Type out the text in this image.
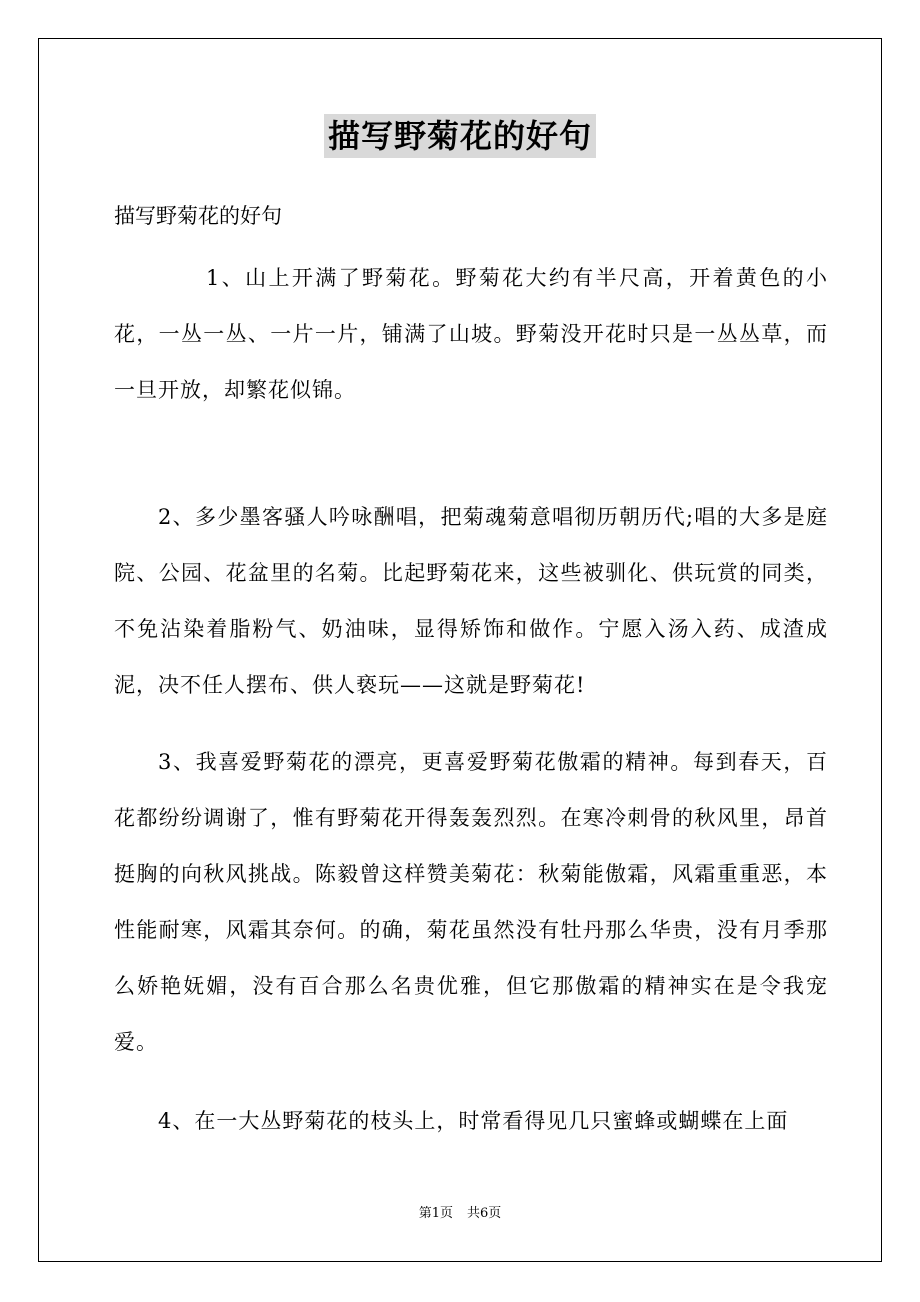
描写野菊花的好句

描写野菊花的好句

1、山上开满了野菊花。野菊花大约有半尺高，开着黄色的小花，一丛一丛、一片一片，铺满了山坡。野菊没开花时只是一丛丛草，而一旦开放，却繁花似锦。

2、多少墨客骚人吟咏酬唱，把菊魂菊意唱彻历朝历代;唱的大多是庭院、公园、花盆里的名菊。比起野菊花来，这些被驯化、供玩赏的同类，不免沾染着脂粉气、奶油味，显得矫饰和做作。宁愿入汤入药、成渣成泥，决不任人摆布、供人亵玩——这就是野菊花!

3、我喜爱野菊花的漂亮，更喜爱野菊花傲霜的精神。每到春天，百花都纷纷调谢了，惟有野菊花开得轰轰烈烈。在寒冷刺骨的秋风里，昂首挺胸的向秋风挑战。陈毅曾这样赞美菊花：秋菊能傲霜，风霜重重恶，本性能耐寒，风霜其奈何。的确，菊花虽然没有牡丹那么华贵，没有月季那么娇艳妩媚，没有百合那么名贵优雅，但它那傲霜的精神实在是令我宠爱。

4、在一大丛野菊花的枝头上，时常看得见几只蜜蜂或蝴蝶在上面

第1页 共6页
